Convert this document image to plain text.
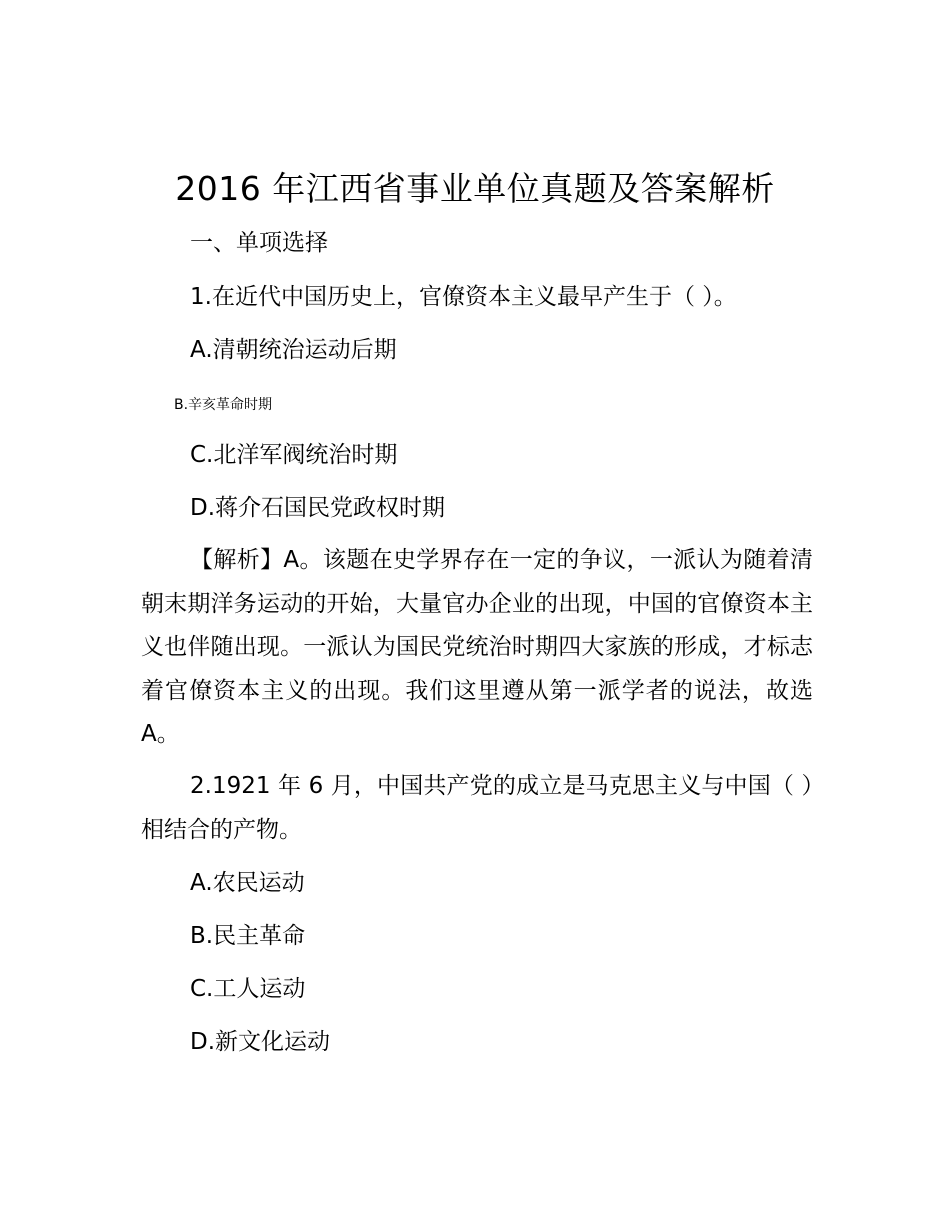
2016 年江西省事业单位真题及答案解析
一、单项选择
1.在近代中国历史上，官僚资本主义最早产生于（ ）。
A.清朝统治运动后期
B.辛亥革命时期
C.北洋军阀统治时期
D.蒋介石国民党政权时期
【解析】A。该题在史学界存在一定的争议，一派认为随着清朝末期洋务运动的开始，大量官办企业的出现，中国的官僚资本主义也伴随出现。一派认为国民党统治时期四大家族的形成，才标志着官僚资本主义的出现。我们这里遵从第一派学者的说法，故选 A。
2.1921 年 6 月，中国共产党的成立是马克思主义与中国（ ）相结合的产物。
A.农民运动
B.民主革命
C.工人运动
D.新文化运动
